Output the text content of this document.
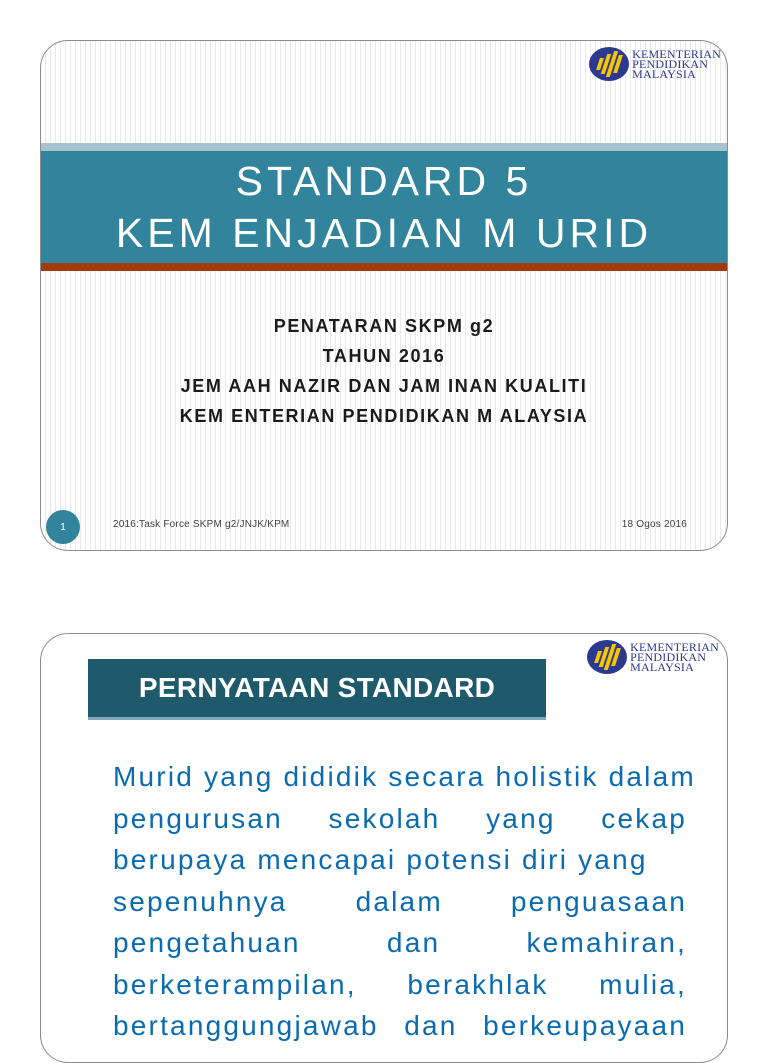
KEMENTERIAN
PENDIDIKAN
MALAYSIA
STANDARD 5
KEM ENJADIAN M URID
PENATARAN SKPM g2
TAHUN 2016
JEM AAH NAZIR DAN JAM INAN KUALITI
KEM ENTERIAN PENDIDIKAN M ALAYSIA
1	2016:Task Force SKPM g2/JNJK/KPM	18 Ogos 2016
KEMENTERIAN
PENDIDIKAN
MALAYSIA
PERNYATAAN STANDARD
Murid yang dididik secara holistik dalam
pengurusan sekolah yang cekap
berupaya mencapai potensi diri yang
sepenuhnya dalam penguasaan
pengetahuan	dan	kemahiran,
berketerampilan, berakhlak mulia,
bertanggungjawab dan berkeupayaan
